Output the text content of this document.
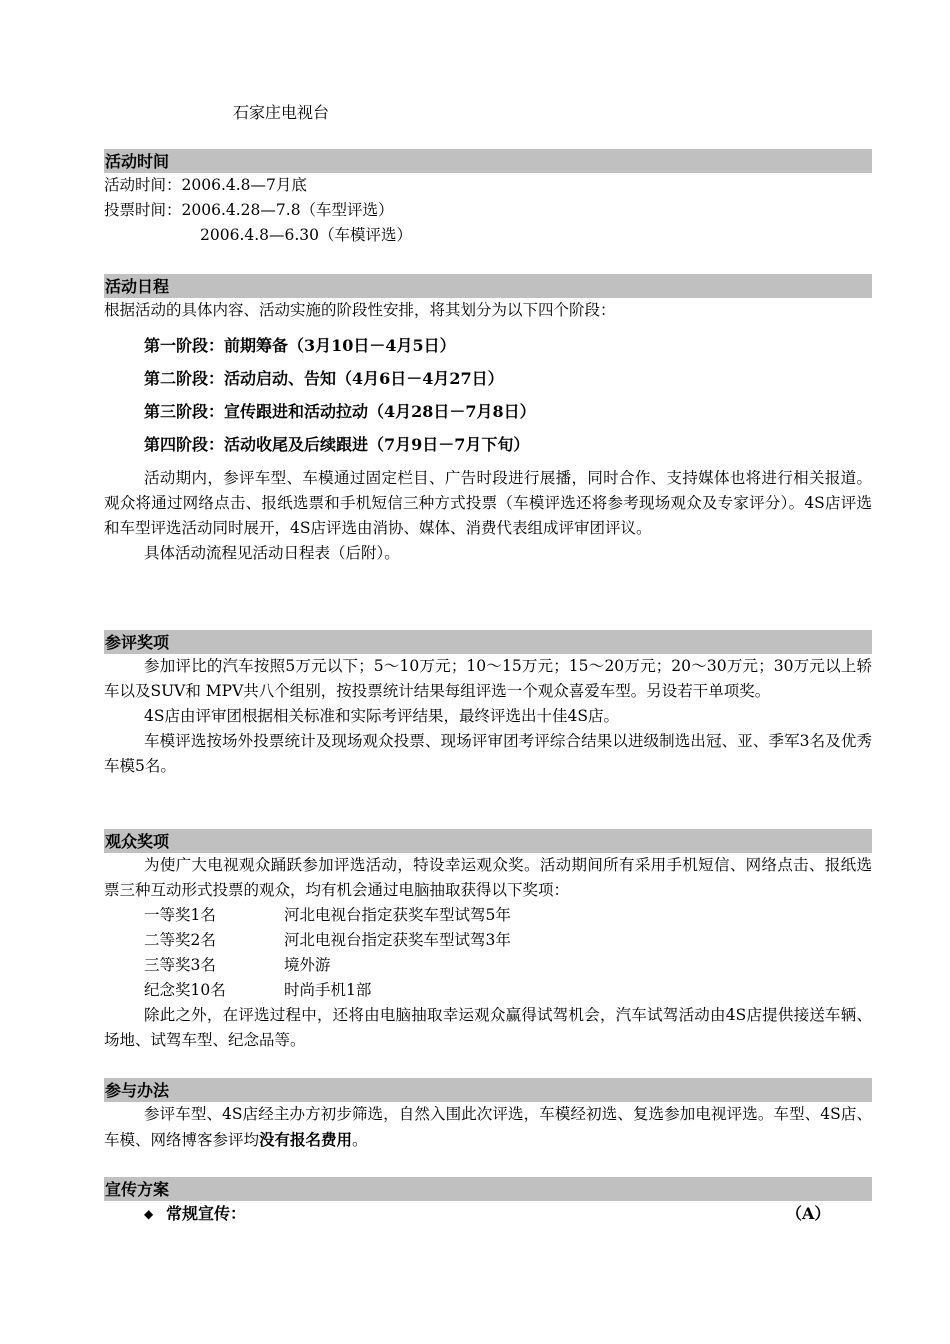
石家庄电视台
活动时间
活动时间：2006.4.8—7月底
投票时间：2006.4.28—7.8（车型评选）
2006.4.8—6.30（车模评选）
活动日程
根据活动的具体内容、活动实施的阶段性安排，将其划分为以下四个阶段：
第一阶段：前期筹备（3月10日－4月5日）
第二阶段：活动启动、告知（4月6日－4月27日）
第三阶段：宣传跟进和活动拉动（4月28日－7月8日）
第四阶段：活动收尾及后续跟进（7月9日－7月下旬）
活动期内，参评车型、车模通过固定栏目、广告时段进行展播，同时合作、支持媒体也将进行相关报道。观众将通过网络点击、报纸选票和手机短信三种方式投票（车模评选还将参考现场观众及专家评分）。4S店评选和车型评选活动同时展开，4S店评选由消协、媒体、消费代表组成评审团评议。
具体活动流程见活动日程表（后附）。
参评奖项
参加评比的汽车按照5万元以下；5～10万元；10～15万元；15～20万元；20～30万元；30万元以上轿车以及SUV和 MPV共八个组别，按投票统计结果每组评选一个观众喜爱车型。另设若干单项奖。
4S店由评审团根据相关标准和实际考评结果，最终评选出十佳4S店。
车模评选按场外投票统计及现场观众投票、现场评审团考评综合结果以进级制选出冠、亚、季军3名及优秀车模5名。
观众奖项
为使广大电视观众踊跃参加评选活动，特设幸运观众奖。活动期间所有采用手机短信、网络点击、报纸选票三种互动形式投票的观众，均有机会通过电脑抽取获得以下奖项：
一等奖1名	河北电视台指定获奖车型试驾5年
二等奖2名	河北电视台指定获奖车型试驾3年
三等奖3名	境外游
纪念奖10名	时尚手机1部
除此之外，在评选过程中，还将由电脑抽取幸运观众赢得试驾机会，汽车试驾活动由4S店提供接送车辆、场地、试驾车型、纪念品等。
参与办法
参评车型、4S店经主办方初步筛选，自然入围此次评选，车模经初选、复选参加电视评选。车型、4S店、车模、网络博客参评均没有报名费用。
宣传方案
◆ 常规宣传：	（A）
